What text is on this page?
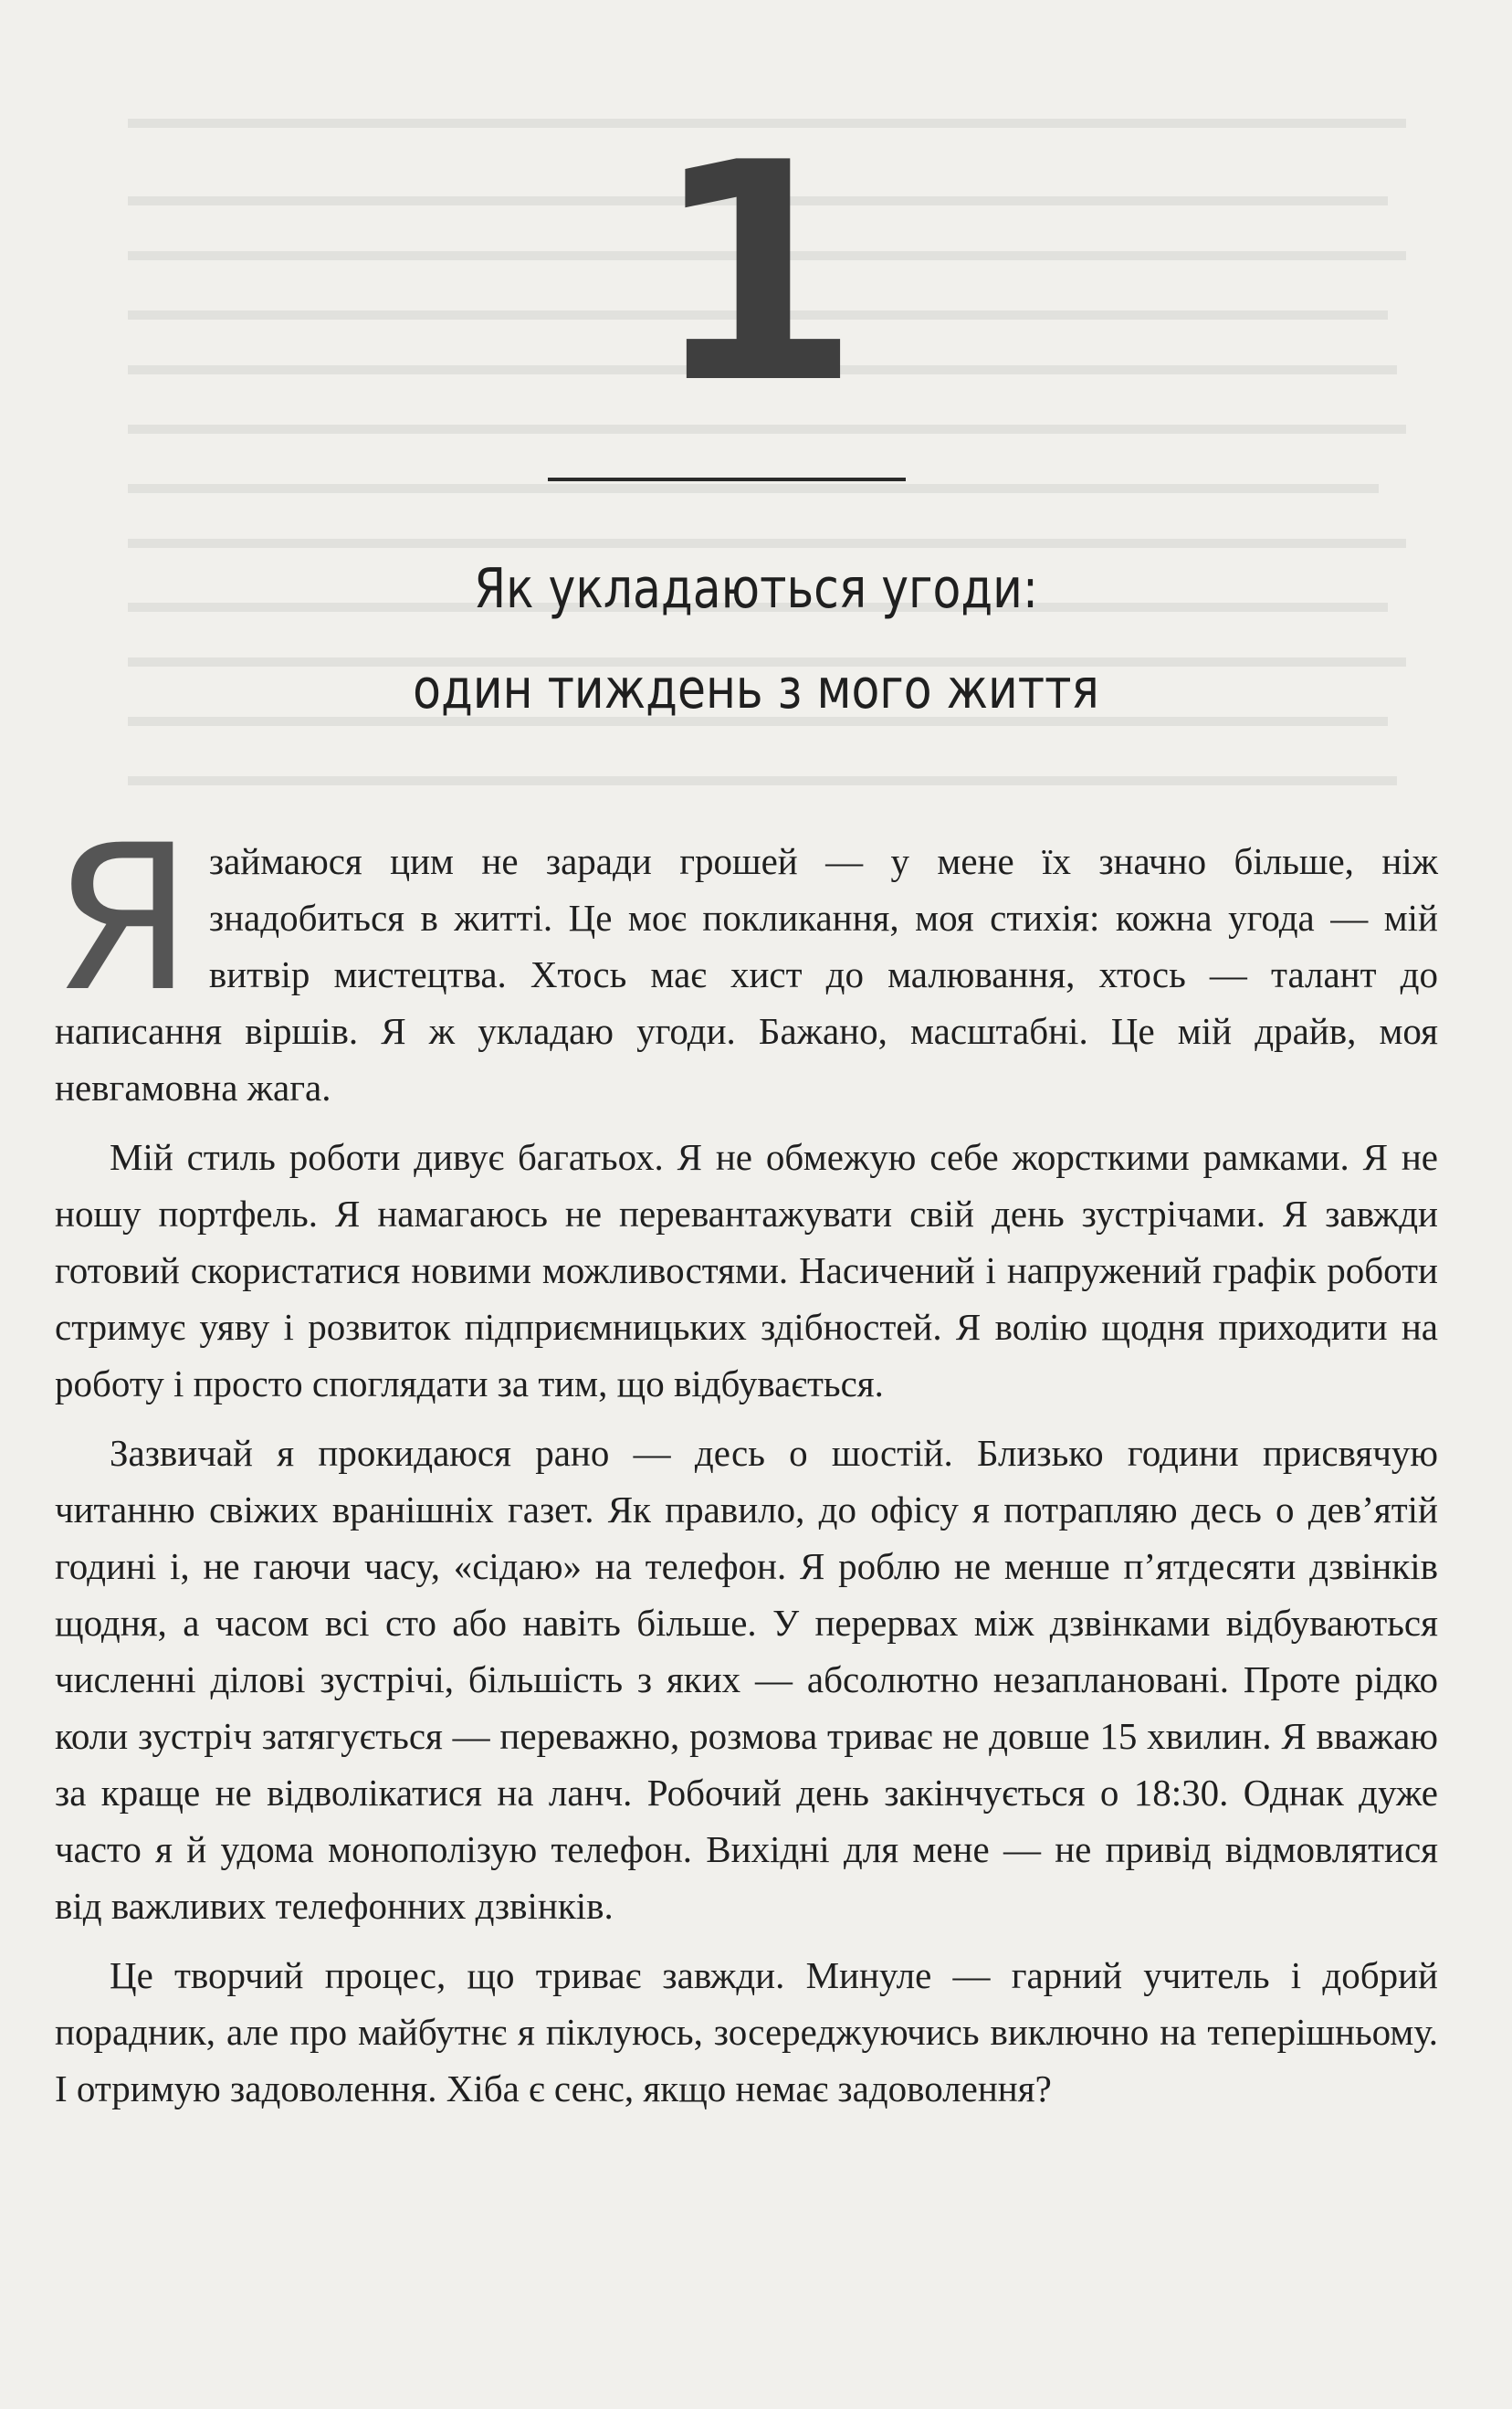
1
Як укладаються угоди:
один тиждень з мого життя

Я займаюся цим не заради грошей — у мене їх значно більше, ніж знадобиться в житті. Це моє покликання, моя стихія: кожна угода — мій витвір мистецтва. Хтось має хист до малювання, хтось — талант до написання віршів. Я ж укладаю угоди. Бажано, масштабні. Це мій драйв, моя невгамовна жага.

Мій стиль роботи дивує багатьох. Я не обмежую себе жорсткими рамками. Я не ношу портфель. Я намагаюсь не перевантажувати свій день зустрічами. Я завжди готовий скористатися новими можливостями. Насичений і напружений графік роботи стримує уяву і розвиток підприємницьких здібностей. Я волію щодня приходити на роботу і просто споглядати за тим, що відбувається.

Зазвичай я прокидаюся рано — десь о шостій. Близько години присвячую читанню свіжих вранішніх газет. Як правило, до офісу я потрапляю десь о дев’ятій годині і, не гаючи часу, «сідаю» на телефон. Я роблю не менше п’ятдесяти дзвінків щодня, а часом всі сто або навіть більше. У перервах між дзвінками відбуваються численні ділові зустрічі, більшість з яких — абсолютно незаплановані. Проте рідко коли зустріч затягується — переважно, розмова триває не довше 15 хвилин. Я вважаю за краще не відволікатися на ланч. Робочий день закінчується о 18:30. Однак дуже часто я й удома монополізую телефон. Вихідні для мене — не привід відмовлятися від важливих телефонних дзвінків.

Це творчий процес, що триває завжди. Минуле — гарний учитель і добрий порадник, але про майбутнє я піклуюсь, зосереджуючись виключно на теперішньому. І отримую задоволення. Хіба є сенс, якщо немає задоволення?
